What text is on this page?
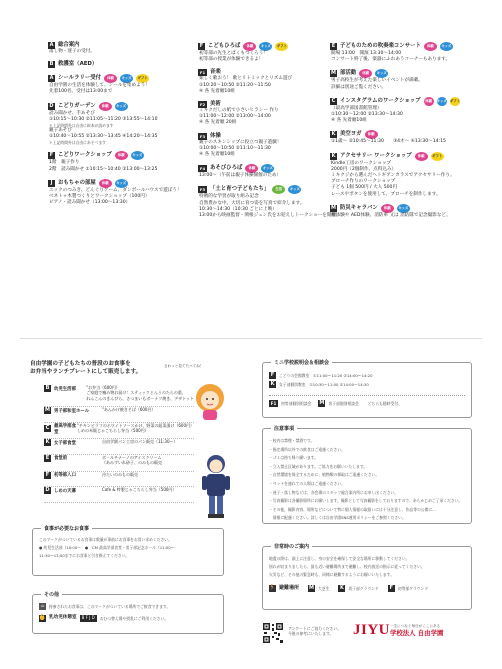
A 総合案内
落し物・迷子の受付。
B 救護室（AED）
A シールラリー受付	体験	キッズ	ギフト
自由学園の生活を体験して、シールを集めよう！
先着100名、受付は13:00まで
D こどりガーデン	体験	キッズ
読み聞かせ、手あそび
①10:15〜10:30 ②11:05〜11:20 ③13:55〜14:10
＊上記時間外は自由に絵本が読めます
親子あそび
①10:40〜10:55 ②13:30〜13:45 ④14:20〜14:35
＊上記時間外は自由にあそべます
F こどりワークショップ	体験	キッズ
1階　親子作り
2階　読み聞かせ ①10:15〜10:40 ②13:00〜13:25
J	おもちゃの部屋	体験	キッズ
ユックのつみき、どんぐりゲーム、ダンボールハウスで遊ぼう！
ペネトゥ木製つくりとワークショップ（100円）
ピアノ・読み聞かせ（13:00〜13:30）
F こどもひろば	体験	キッズ	ギフト
初等部の先生とばくもつくろう！
初等部の授業が体験できるよ！
F1 音楽
楽しく歌おう！ 歌とリトミックとリズム遊び
①10:20〜10:50 ②11:20〜11:50
④ 各 先着順10組
F2 美術
ミキクだしの紙で小さいヒラシー 作り
①11:00〜12:00 ②13:00〜14:00
④ 各 先着順 20組
F3 体操
親子のスキンシップに役立つ親子遊戯！
①10:00〜10:50 ②11:10〜11:30
④ 各 先着順10組
F4 あそびひろば	体験	キッズ
13:00〜（午前は親子体操開催のため）
F5 「土と育つ子どもたち」	生活	キッズ
特徴的な学習が取り組み記念
自然豊かな中、大切に育つ姿を写真で紹介します。
10:30〜14:30（10:30 ごとに上映）
13:00から映画監督・関根ジュン氏をお迎えしトークショーを開催。
E 子どものための吹奏楽コンサート	体験	キッズ
開場 13:00　開演 13:30〜14:00
コンサート終了後、楽器にふれあうコーナーもあります。
M 部活動	体験	キッズ
男子高校生が考えた楽しいイベントが満載。
詳細は別途ご覧ください。
C インスタグラムのワークショップ	体験	キッズ ギフト
（最高学部図書館管理）
①10:30〜12:00 ②13:30〜14:30
④ 各 先着順10組
K 美空ヨガ	体験
①1歳〜 ②10:45〜11:30　　③4才〜 ④13:30〜14:15
K アクセサリー ワークショップ	体験	ギフト
Kindle工房のワークショップ
2000円（2個制作、点料込み）
ミキクジから選んだヘトギアンカラスでアクセサリー作り。
ブローチ作りのワークショップ
子ども 1個 500円 / 大人 500円
レースやボタンを使用して、ブローチを制作します。
M 防災キャラバン	体験	キッズ
煙体験や AED体験、消防車 又は 消防隊で記念撮影など。
自由学園の子どもたちの普段のお食事を
お弁当やランチプレートにして販売します。
さわっと見てたべてね！
B	幼児生活部	"お弁当（600円）
ご家庭で噛み物お届け！スティックとんうのたらの重、
れんこんのきんぴら、さつまいもボーナツ焼き、デザトット
M 男子部和室ホール	"あんかけ焼きそば（600円）
C	最高学部食堂
"チキンピラフのホワイトソースかけ、野菜の紐菜漬け（600円）
しめの米飯じゃこちらし弁当（500円）
K	女子部食堂	自由学園パン工房のパン販売（11:30〜）
E	食堂前	ボ・ルチナーノのアイスクリーム
（あみずいれ砂子、のみもの販売
F	初等部入口	冷たいのみもの販売
D	しめの天幕	Cafe & 特製じゃこちらし弁当（500円）
食事が必要なお食事
このマークがついているお食事は数量が事前にお食事をお買い求めください。
● 幼児生活部（10:00〜　●　CM 最高学部食堂・男子部記念ホール（11:00〜
11:30〜13:00までにお食事と引き換えてください。
その他
☕	持参されたお食事は、このマークがついている場所でご飲食できます。
👶 乳幼児休憩室	B F J D	おむつ替え場や授乳にご利用ください。
ミニ学校説明会＆相談会
F	こどりの会館教室　①11:00〜11:20 ②14:00〜14:20
K	女子部個別教室　①10:30〜11:00 ②14:00〜14:30
F1	初等部個別相談会 M 男子部個別相談会 どちらも随時受付。
注意事項
・校内は禁煙・禁酒です。
・指定場所以外での飲食はご遠慮ください。
・ゴミは持ち帰り願います。
・立入禁止区域があります。ご協力をお願いいたします。
・自然環境を保全するために、植物類の採取はご遠慮ください。
・ペットを連れての入場はご遠慮ください。
・迷子・落し物などは、各会場のスタッフ総合案内所にお申し出ください。
・写真撮影は各撮影場所にお願いします。撮影として写真撮影をしておりますので、あらかじめご了承ください。
・その他、撮影内容、場所などについて特に個人情報の取扱いには十分注意し、作品等の公開に…
　情報に配慮ください。詳しくは自由学園SNS運用ポリシーをご参照ください。
非常時のご案内
地震の際は、頭上に注意し、身の安全を確保して安全な場所に移動してください。
揺れが収まりましたら、最も近い避難場所まで避難し、校内放送の指示に従ってください。
火災など、その他の緊急時も、同様に避難するようにお願いいたします。
🏃 避難場所 M 大芝生	K	男子部グラウンド	F	初等部グラウンド
アンケートにご協力ください。
今後の参考にいたします。	JIYU 一生につなぐ毎日がここにある
学校法人 自由学園
